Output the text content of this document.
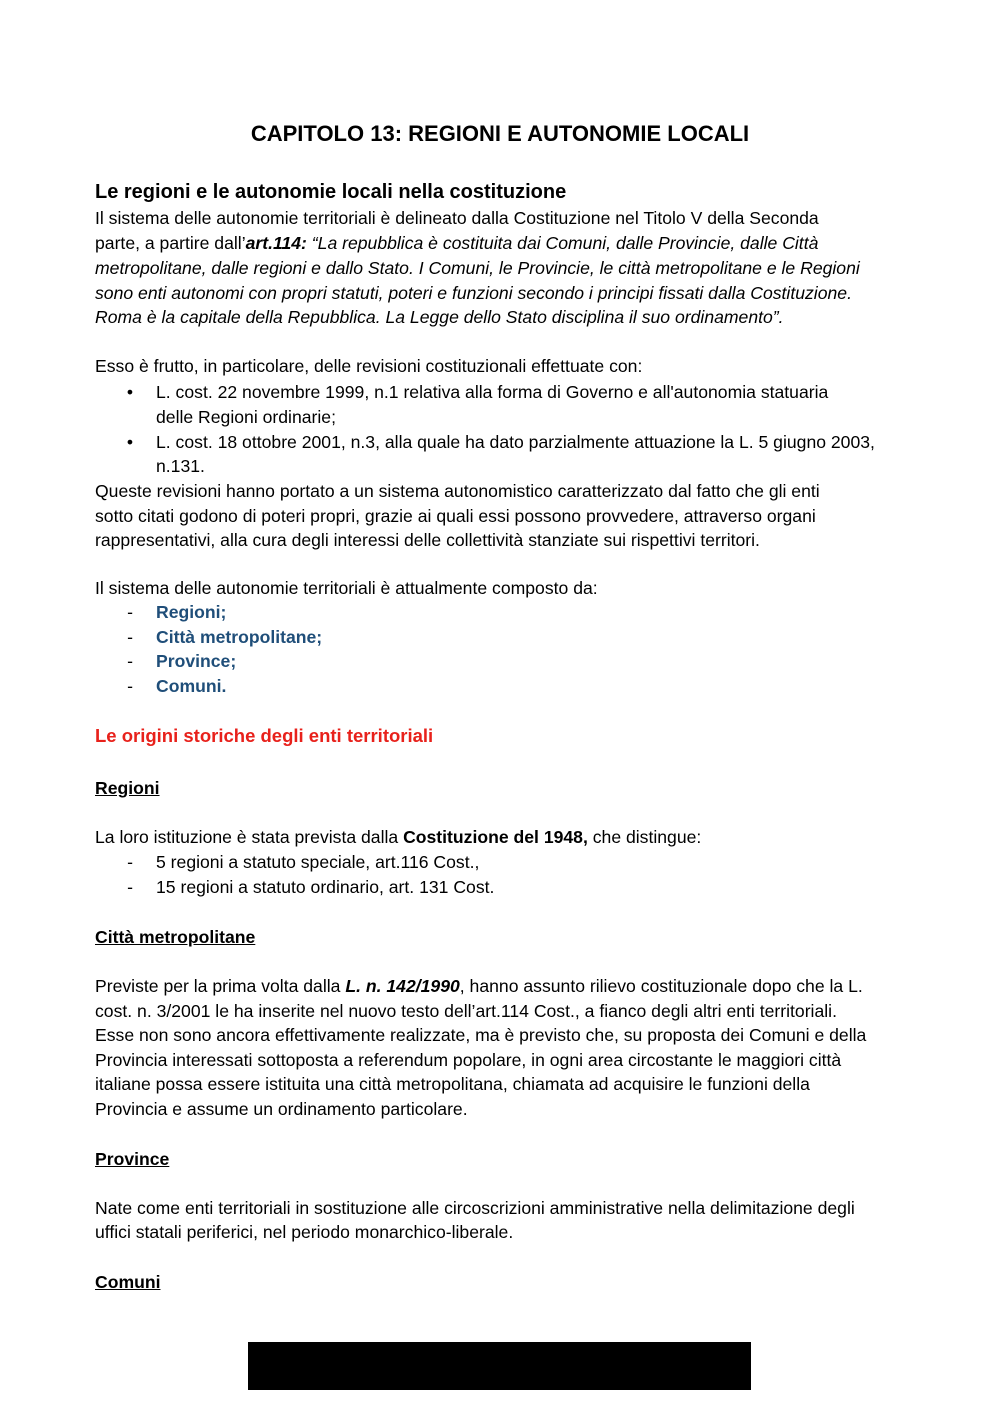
CAPITOLO 13: REGIONI E AUTONOMIE LOCALI
Le regioni e le autonomie locali nella costituzione
Il sistema delle autonomie territoriali è delineato dalla Costituzione nel Titolo V della Seconda
parte, a partire dall’art.114: “La repubblica è costituita dai Comuni, dalle Provincie, dalle Città
metropolitane, dalle regioni e dallo Stato. I Comuni, le Provincie, le città metropolitane e le Regioni
sono enti autonomi con propri statuti, poteri e funzioni secondo i principi fissati dalla Costituzione.
Roma è la capitale della Repubblica. La Legge dello Stato disciplina il suo ordinamento”.
Esso è frutto, in particolare, delle revisioni costituzionali effettuate con:
•	L. cost. 22 novembre 1999, n.1 relativa alla forma di Governo e all'autonomia statuaria
delle Regioni ordinarie;
•	L. cost. 18 ottobre 2001, n.3, alla quale ha dato parzialmente attuazione la L. 5 giugno 2003,
n.131.
Queste revisioni hanno portato a un sistema autonomistico caratterizzato dal fatto che gli enti
sotto citati godono di poteri propri, grazie ai quali essi possono provvedere, attraverso organi
rappresentativi, alla cura degli interessi delle collettività stanziate sui rispettivi territori.
Il sistema delle autonomie territoriali è attualmente composto da:
-	Regioni;
-	Città metropolitane;
-	Province;
-	Comuni.
Le origini storiche degli enti territoriali
Regioni
La loro istituzione è stata prevista dalla Costituzione del 1948, che distingue:
-	5 regioni a statuto speciale, art.116 Cost.,
-	15 regioni a statuto ordinario, art. 131 Cost.
Città metropolitane
Previste per la prima volta dalla L. n. 142/1990, hanno assunto rilievo costituzionale dopo che la L.
cost. n. 3/2001 le ha inserite nel nuovo testo dell’art.114 Cost., a fianco degli altri enti territoriali.
Esse non sono ancora effettivamente realizzate, ma è previsto che, su proposta dei Comuni e della
Provincia interessati sottoposta a referendum popolare, in ogni area circostante le maggiori città
italiane possa essere istituita una città metropolitana, chiamata ad acquisire le funzioni della
Provincia e assume un ordinamento particolare.
Province
Nate come enti territoriali in sostituzione alle circoscrizioni amministrative nella delimitazione degli
uffici statali periferici, nel periodo monarchico-liberale.
Comuni
